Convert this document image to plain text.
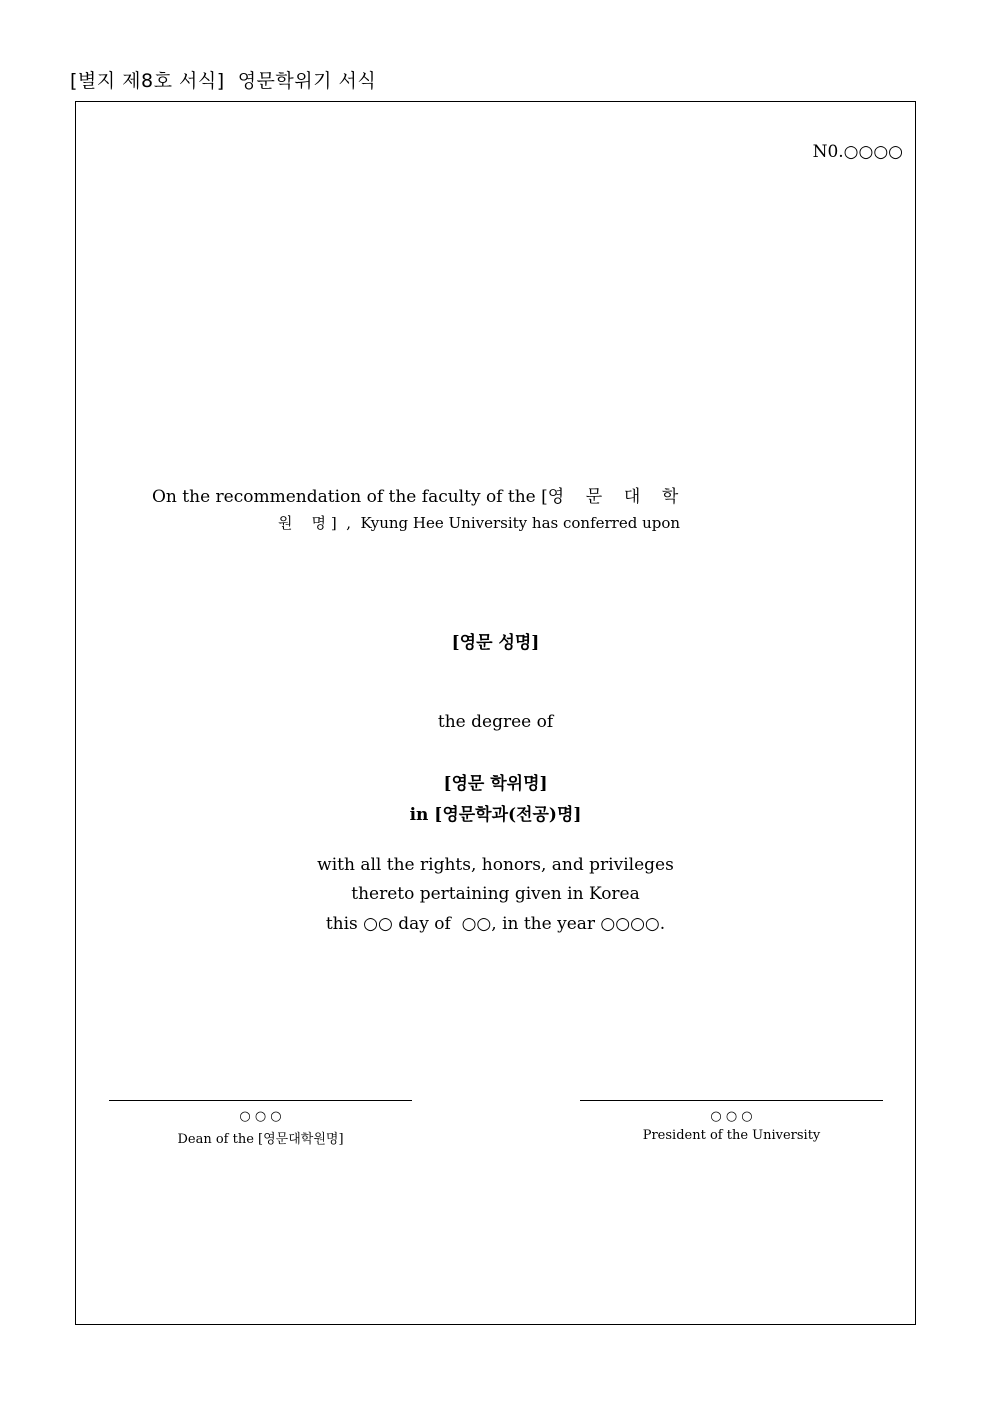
[별지 제8호 서식]  영문학위기 서식
N0.○○○○
On the recommendation of the faculty of the [영    문    대    학
원    명 ]  ,  Kyung Hee University has conferred upon
[영문 성명]
the degree of
[영문 학위명]
in [영문학과(전공)명]
with all the rights, honors, and privileges
thereto pertaining given in Korea
this ○○ day of  ○○, in the year ○○○○.
○ ○ ○
Dean of the [영문대학원명]
○ ○ ○
President of the University
